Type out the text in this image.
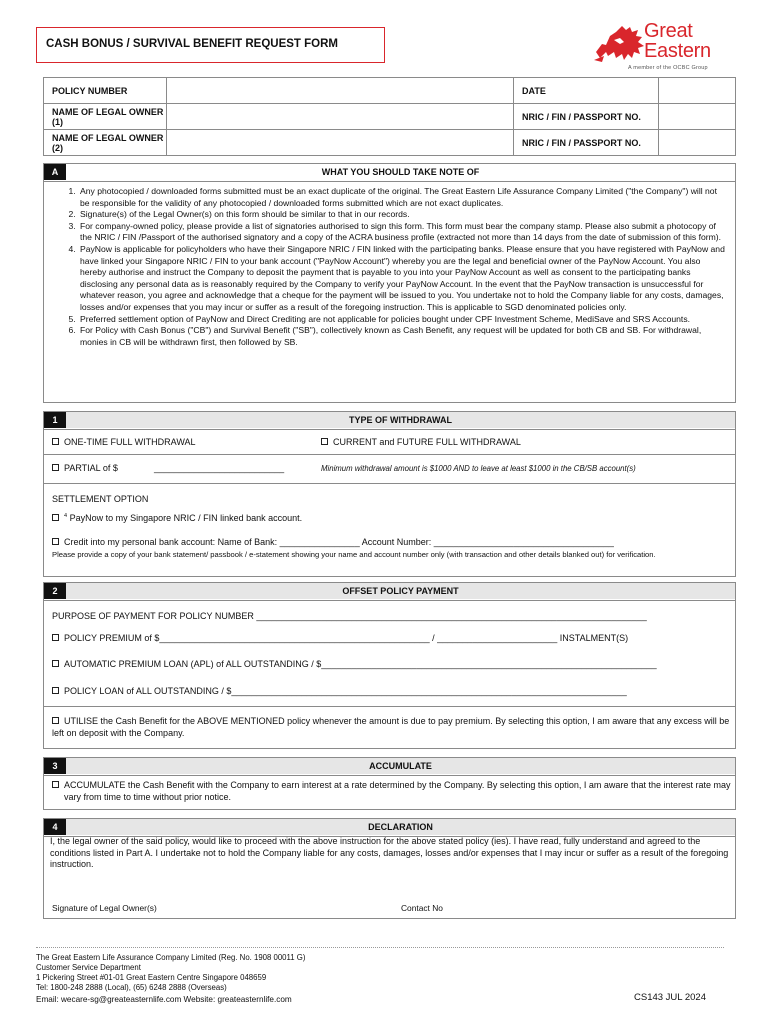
CASH BONUS / SURVIVAL BENEFIT REQUEST FORM
Great
Eastern
A member of the OCBC Group
POLICY NUMBER		DATE	
NAME OF LEGAL OWNER (1)		NRIC / FIN / PASSPORT NO.	
NAME OF LEGAL OWNER (2)		NRIC / FIN / PASSPORT NO.	
A	WHAT YOU SHOULD TAKE NOTE OF
1. Any photocopied / downloaded forms submitted must be an exact duplicate of the original. The Great Eastern Life Assurance Company Limited ("the Company") will not be responsible for the validity of any photocopied / downloaded forms submitted which are not exact duplicates.
2. Signature(s) of the Legal Owner(s) on this form should be similar to that in our records.
3. For company-owned policy, please provide a list of signatories authorised to sign this form. This form must bear the company stamp. Please also submit a photocopy of the NRIC / FIN /Passport of the authorised signatory and a copy of the ACRA business profile (extracted not more than 14 days from the date of submission of this form).
4. PayNow is applicable for policyholders who have their Singapore NRIC / FIN linked with the participating banks. Please ensure that you have registered with PayNow and have linked your Singapore NRIC / FIN to your bank account ("PayNow Account") whereby you are the legal and beneficial owner of the PayNow Account. You also hereby authorise and instruct the Company to deposit the payment that is payable to you into your PayNow Account as well as consent to the participating banks disclosing any personal data as is reasonably required by the Company to verify your PayNow Account. In the event that the PayNow transaction is unsuccessful for whatever reason, you agree and acknowledge that a cheque for the payment will be issued to you. You undertake not to hold the Company liable for any costs, damages, losses and/or expenses that you may incur or suffer as a result of the foregoing instruction. This is applicable to SGD denominated policies only.
5. Preferred settlement option of PayNow and Direct Crediting are not applicable for policies bought under CPF Investment Scheme, MediSave and SRS Accounts.
6. For Policy with Cash Bonus ("CB") and Survival Benefit ("SB"), collectively known as Cash Benefit, any request will be updated for both CB and SB. For withdrawal, monies in CB will be withdrawn first, then followed by SB.
1	TYPE OF WITHDRAWAL
ONE-TIME FULL WITHDRAWAL	CURRENT and FUTURE FULL WITHDRAWAL
PARTIAL of $	__________________________	Minimum withdrawal amount is $1000 AND to leave at least $1000 in the CB/SB account(s)
SETTLEMENT OPTION
$^4$ PayNow to my Singapore NRIC / FIN linked bank account.
Credit into my personal bank account: Name of Bank: ________________ Account Number: ____________________________________
Please provide a copy of your bank statement/ passbook / e-statement showing your name and account number only (with transaction and other details blanked out) for verification.
2	OFFSET POLICY PAYMENT
PURPOSE OF PAYMENT FOR POLICY NUMBER ______________________________________________________________________________
POLICY PREMIUM of $______________________________________________________ / ________________________ INSTALMENT(S)
AUTOMATIC PREMIUM LOAN (APL) of ALL OUTSTANDING / $___________________________________________________________________
POLICY LOAN of ALL OUTSTANDING / $_______________________________________________________________________________
UTILISE the Cash Benefit for the ABOVE MENTIONED policy whenever the amount is due to pay premium. By selecting this option, I am aware that any excess will be left on deposit with the Company.
3	ACCUMULATE
ACCUMULATE the Cash Benefit with the Company to earn interest at a rate determined by the Company. By selecting this option, I am aware that the interest rate may vary from time to time without prior notice.
4	DECLARATION
I, the legal owner of the said policy, would like to proceed with the above instruction for the above stated policy (ies). I have read, fully understand and agreed to the conditions listed in Part A. I undertake not to hold the Company liable for any costs, damages, losses and/or expenses that I may incur or suffer as a result of the foregoing instruction.
Signature of Legal Owner(s)	Contact No
The Great Eastern Life Assurance Company Limited (Reg. No. 1908 00011 G)
Customer Service Department
1 Pickering Street #01-01 Great Eastern Centre Singapore 048659
Tel: 1800-248 2888 (Local), (65) 6248 2888 (Overseas)
Email: wecare-sg@greateasternlife.com Website: greateasternlife.com	CS143 JUL 2024
